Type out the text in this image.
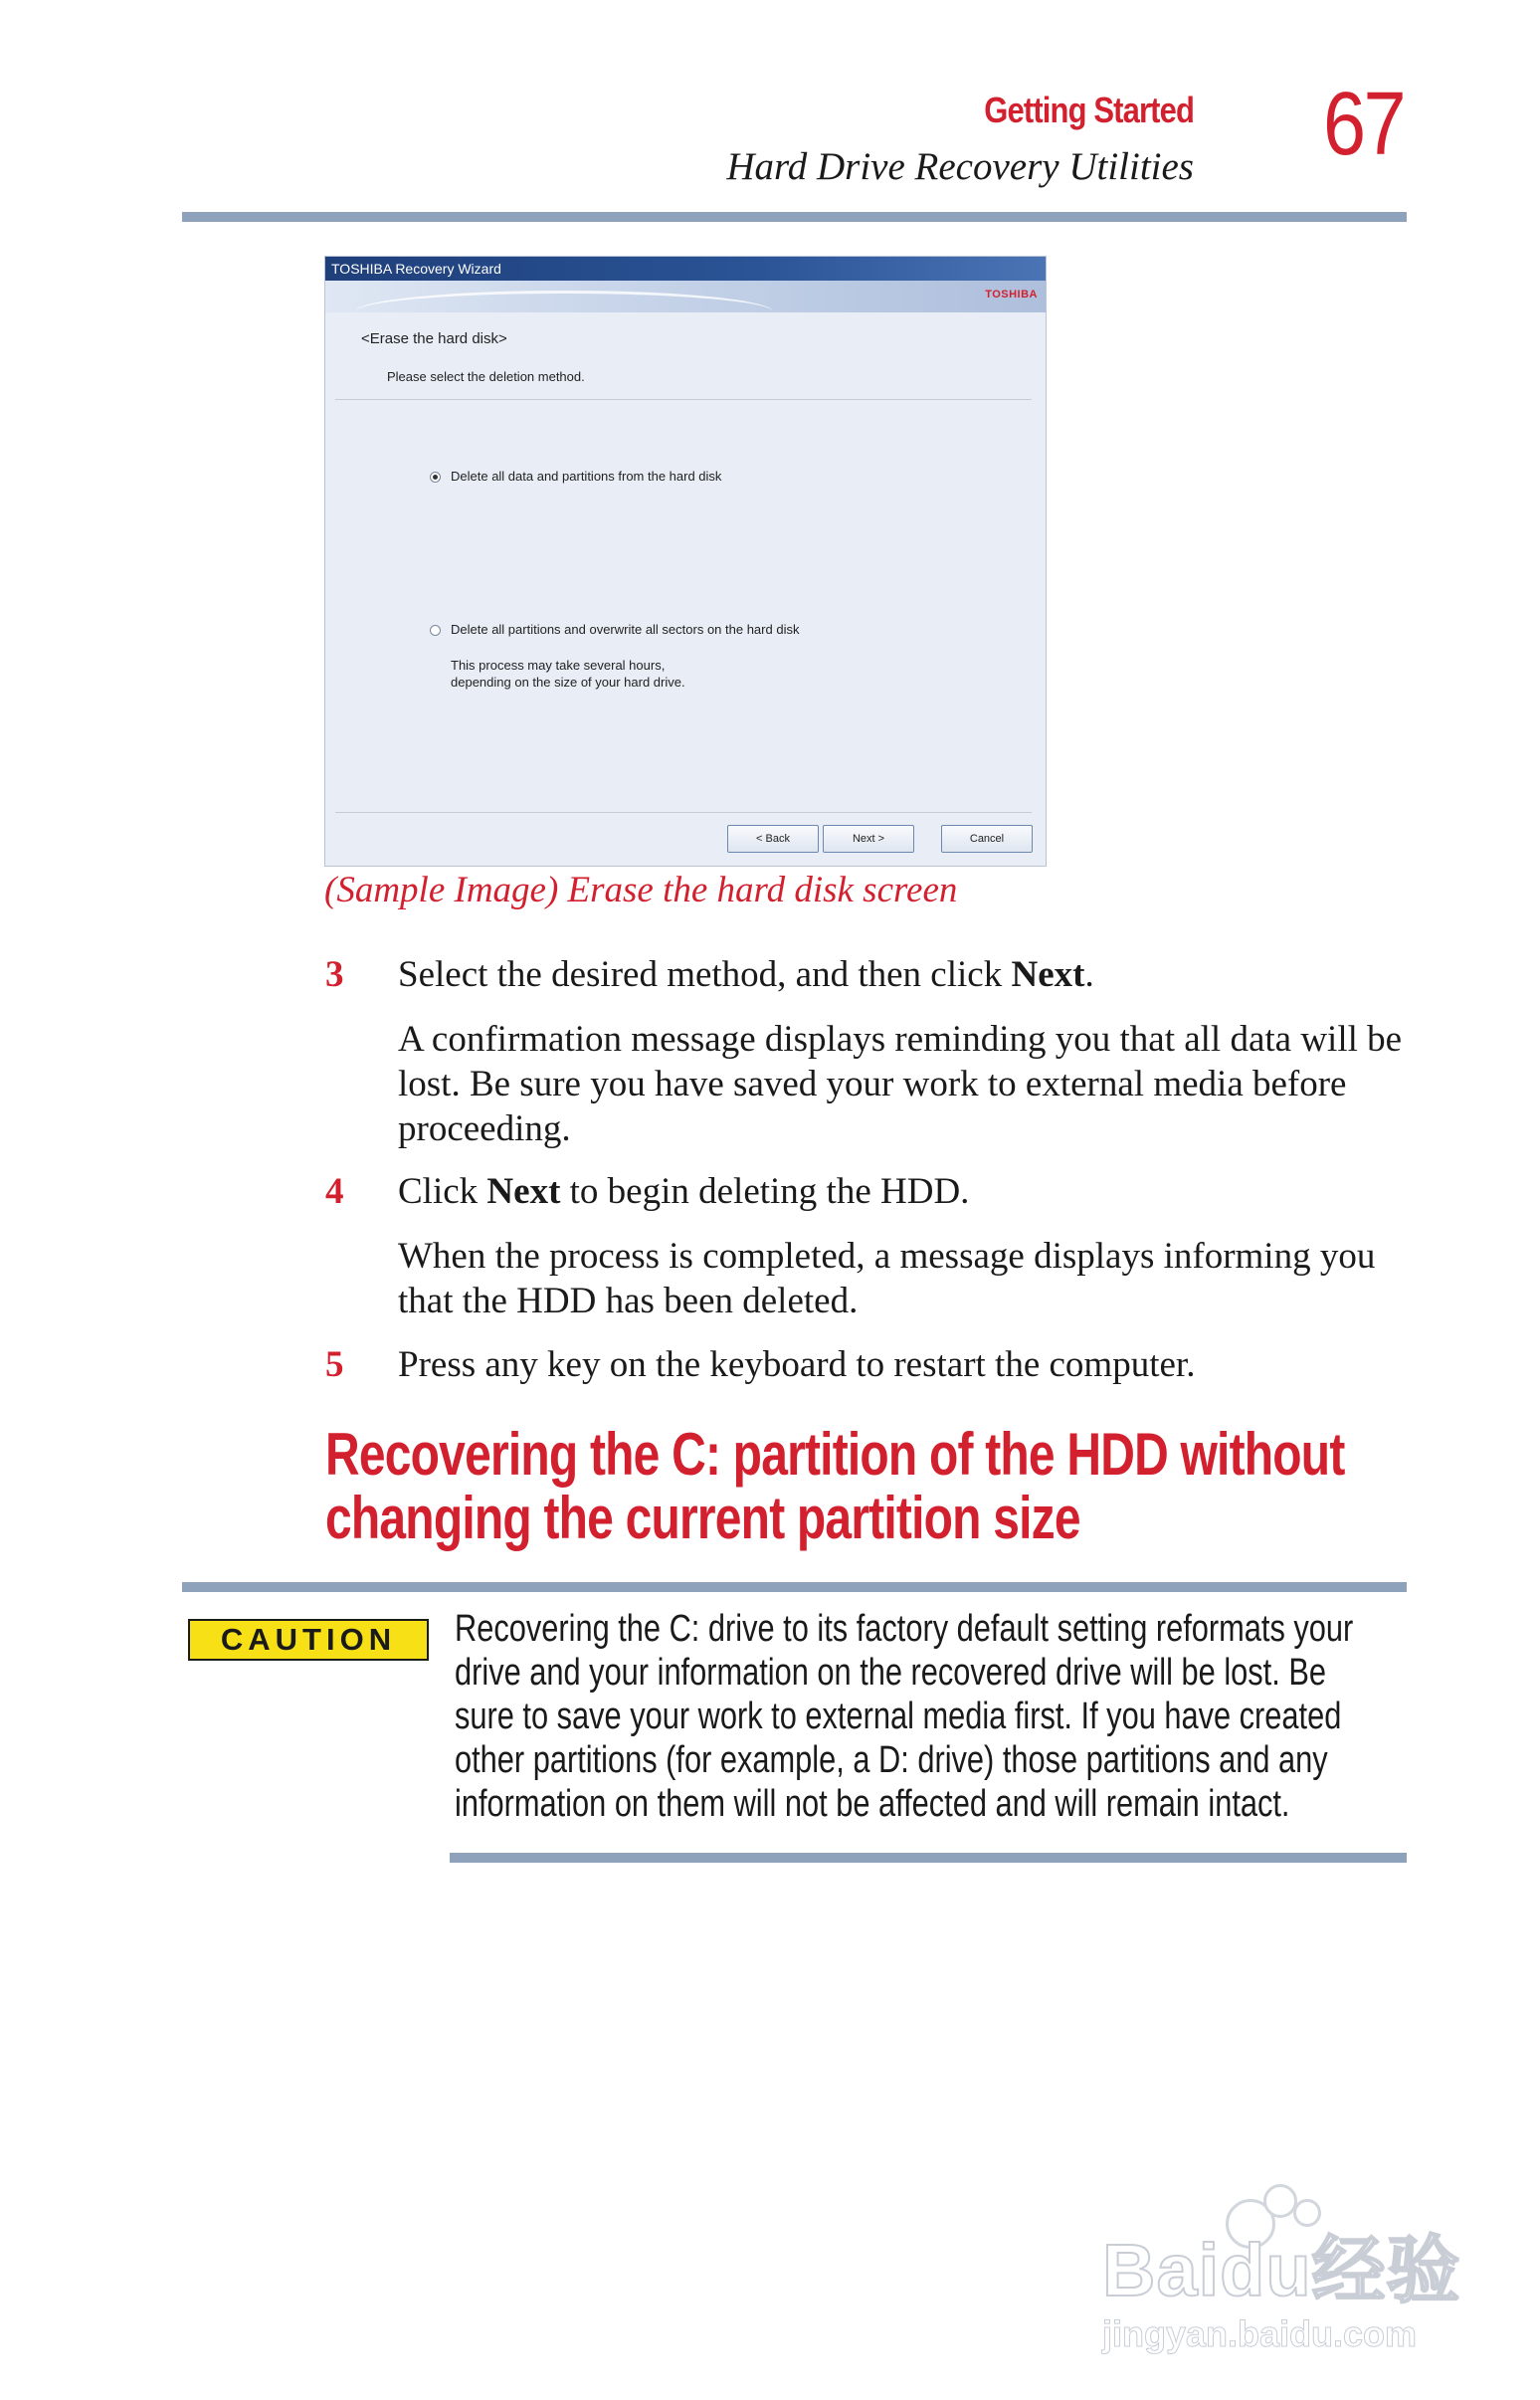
Getting Started
Hard Drive Recovery Utilities 67
TOSHIBA Recovery Wizard
TOSHIBA
<Erase the hard disk>
Please select the deletion method.
Delete all data and partitions from the hard disk
Delete all partitions and overwrite all sectors on the hard disk
This process may take several hours,
depending on the size of your hard drive.
< Back	Next >	Cancel
(Sample Image) Erase the hard disk screen
3 Select the desired method, and then click Next.
A confirmation message displays reminding you that all data will be lost. Be sure you have saved your work to external media before proceeding.
4 Click Next to begin deleting the HDD.
When the process is completed, a message displays informing you that the HDD has been deleted.
5 Press any key on the keyboard to restart the computer.
Recovering the C: partition of the HDD without changing the current partition size
CAUTION	Recovering the C: drive to its factory default setting reformats your drive and your information on the recovered drive will be lost. Be sure to save your work to external media first. If you have created other partitions (for example, a D: drive) those partitions and any information on them will not be affected and will remain intact.
Baidu经验
jingyan.baidu.com
